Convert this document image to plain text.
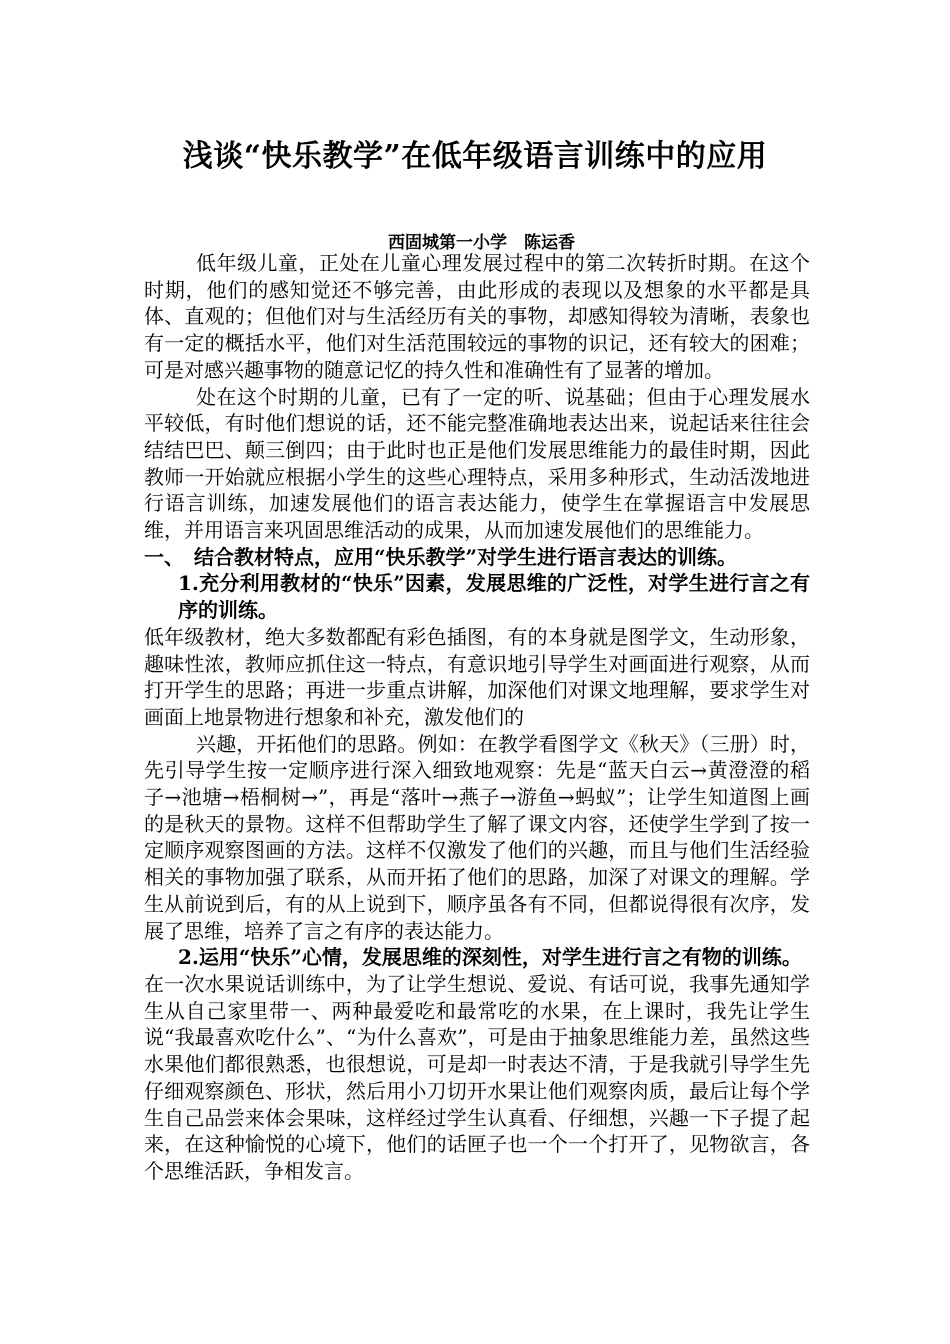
浅谈“快乐教学”在低年级语言训练中的应用
西固城第一小学　陈运香

低年级儿童，正处在儿童心理发展过程中的第二次转折时期。在这个时期，他们的感知觉还不够完善，由此形成的表现以及想象的水平都是具体、直观的；但他们对与生活经历有关的事物，却感知得较为清晰，表象也有一定的概括水平，他们对生活范围较远的事物的识记，还有较大的困难；可是对感兴趣事物的随意记忆的持久性和准确性有了显著的增加。

处在这个时期的儿童，已有了一定的听、说基础；但由于心理发展水平较低，有时他们想说的话，还不能完整准确地表达出来，说起话来往往会结结巴巴、颠三倒四；由于此时也正是他们发展思维能力的最佳时期，因此教师一开始就应根据小学生的这些心理特点，采用多种形式，生动活泼地进行语言训练，加速发展他们的语言表达能力，使学生在掌握语言中发展思维，并用语言来巩固思维活动的成果，从而加速发展他们的思维能力。

一、　结合教材特点，应用“快乐教学”对学生进行语言表达的训练。

1.充分利用教材的“快乐”因素，发展思维的广泛性，对学生进行言之有序的训练。

低年级教材，绝大多数都配有彩色插图，有的本身就是图学文，生动形象，趣味性浓，教师应抓住这一特点，有意识地引导学生对画面进行观察，从而打开学生的思路；再进一步重点讲解，加深他们对课文地理解，要求学生对画面上地景物进行想象和补充，激发他们的

兴趣，开拓他们的思路。例如：在教学看图学文《秋天》（三册）时，先引导学生按一定顺序进行深入细致地观察：先是“蓝天白云→黄澄澄的稻子→池塘→梧桐树→”，再是“落叶→燕子→游鱼→蚂蚁”；让学生知道图上画的是秋天的景物。这样不但帮助学生了解了课文内容，还使学生学到了按一定顺序观察图画的方法。这样不仅激发了他们的兴趣，而且与他们生活经验相关的事物加强了联系，从而开拓了他们的思路，加深了对课文的理解。学生从前说到后，有的从上说到下，顺序虽各有不同，但都说得很有次序，发展了思维，培养了言之有序的表达能力。

2.运用“快乐”心情，发展思维的深刻性，对学生进行言之有物的训练。

在一次水果说话训练中，为了让学生想说、爱说、有话可说，我事先通知学生从自己家里带一、两种最爱吃和最常吃的水果，在上课时，我先让学生说“我最喜欢吃什么”、“为什么喜欢”，可是由于抽象思维能力差，虽然这些水果他们都很熟悉，也很想说，可是却一时表达不清，于是我就引导学生先仔细观察颜色、形状，然后用小刀切开水果让他们观察肉质，最后让每个学生自己品尝来体会果味，这样经过学生认真看、仔细想，兴趣一下子提了起来，在这种愉悦的心境下，他们的话匣子也一个一个打开了，见物欲言，各个思维活跃，争相发言。
